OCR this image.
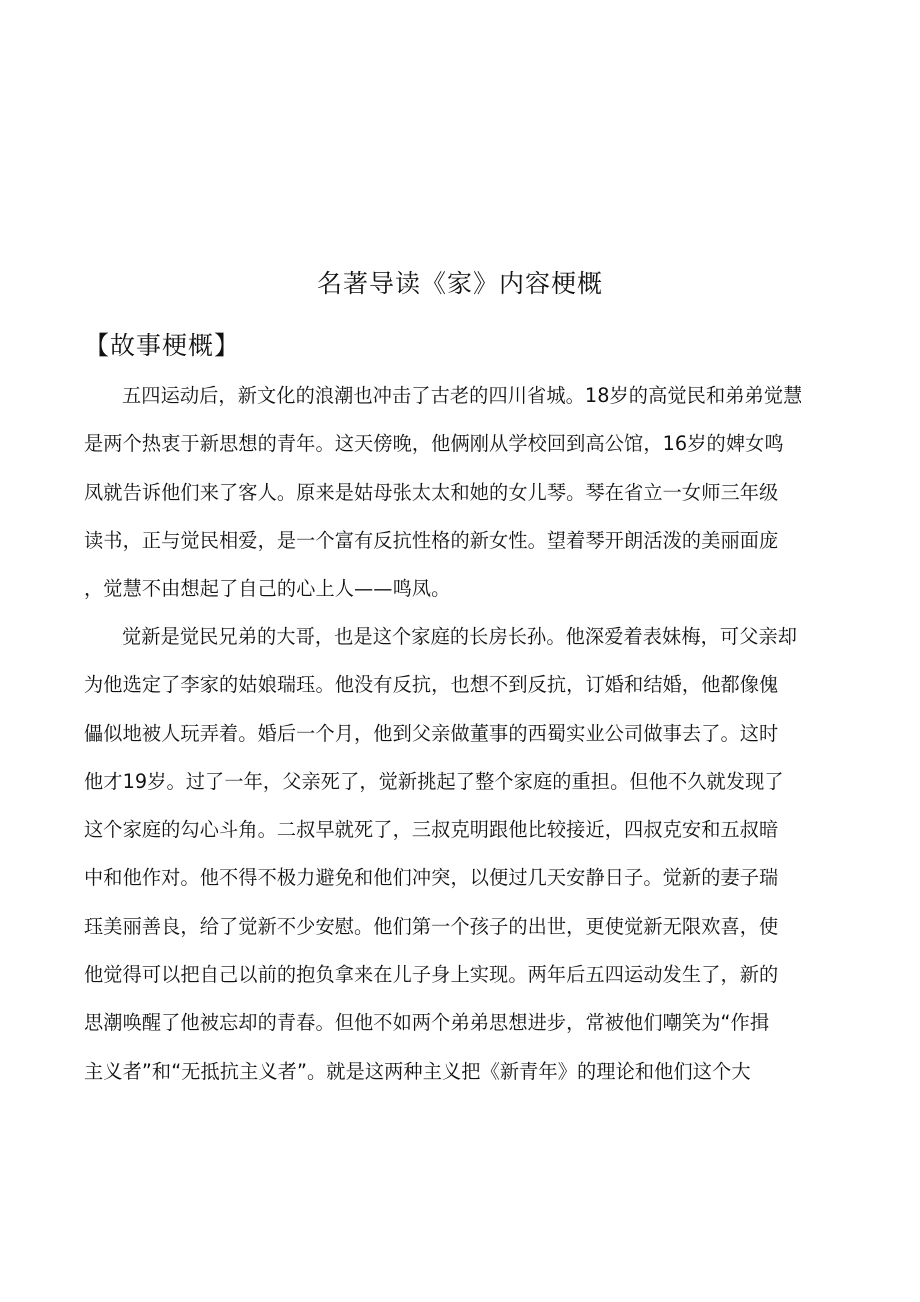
名著导读《家》内容梗概
【故事梗概】
五四运动后，新文化的浪潮也冲击了古老的四川省城。18岁的高觉民和弟弟觉慧
是两个热衷于新思想的青年。这天傍晚，他俩刚从学校回到高公馆，16岁的婢女鸣
凤就告诉他们来了客人。原来是姑母张太太和她的女儿琴。琴在省立一女师三年级
读书，正与觉民相爱，是一个富有反抗性格的新女性。望着琴开朗活泼的美丽面庞
，觉慧不由想起了自己的心上人——鸣凤。
觉新是觉民兄弟的大哥，也是这个家庭的长房长孙。他深爱着表妹梅，可父亲却
为他选定了李家的姑娘瑞珏。他没有反抗，也想不到反抗，订婚和结婚，他都像傀
儡似地被人玩弄着。婚后一个月，他到父亲做董事的西蜀实业公司做事去了。这时
他才19岁。过了一年，父亲死了，觉新挑起了整个家庭的重担。但他不久就发现了
这个家庭的勾心斗角。二叔早就死了，三叔克明跟他比较接近，四叔克安和五叔暗
中和他作对。他不得不极力避免和他们冲突，以便过几天安静日子。觉新的妻子瑞
珏美丽善良，给了觉新不少安慰。他们第一个孩子的出世，更使觉新无限欢喜，使
他觉得可以把自己以前的抱负拿来在儿子身上实现。两年后五四运动发生了，新的
思潮唤醒了他被忘却的青春。但他不如两个弟弟思想进步，常被他们嘲笑为“作揖
主义者”和“无抵抗主义者”。就是这两种主义把《新青年》的理论和他们这个大
